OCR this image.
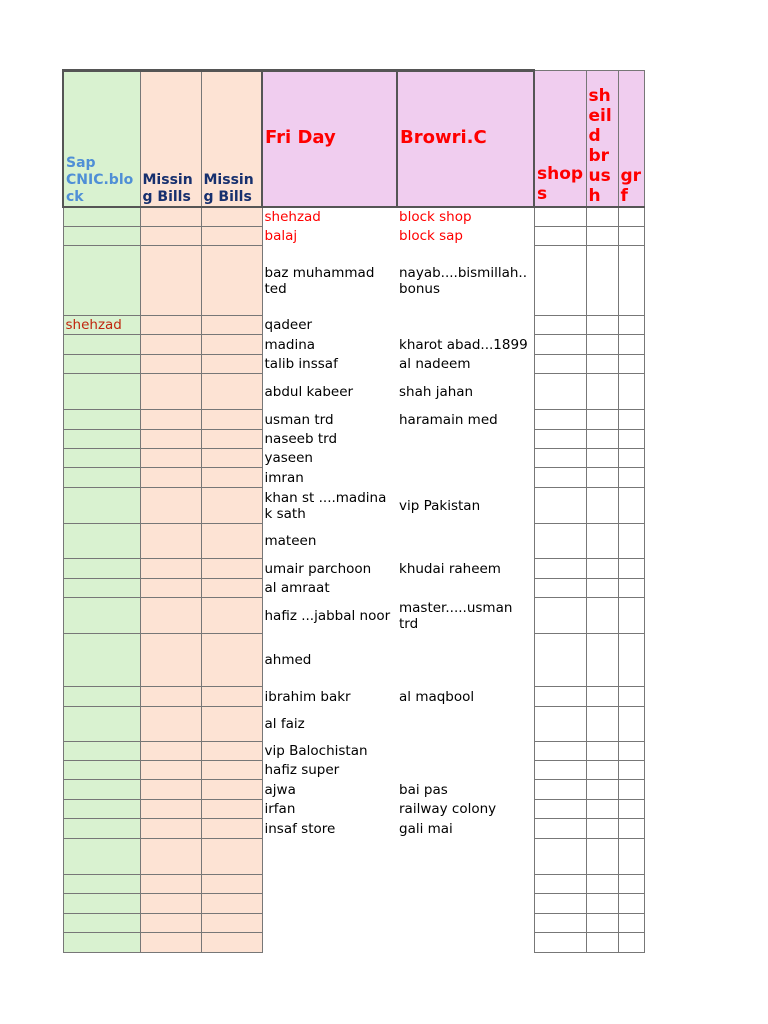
Sap CNIC.blo ck	Missin g Bills	Missin g Bills	Fri Day	Browri.C	shop s	sh eil d br us h	gr f
			shehzad	block shop			
			balaj	block sap			
			baz muhammad ted	nayab....bismillah.. bonus			
shehzad			qadeer				
			madina	kharot abad...1899			
			talib inssaf	al nadeem			
			abdul kabeer	shah jahan			
			usman trd	haramain med			
			naseeb trd				
			yaseen				
			imran				
			khan st ....madina k sath	vip Pakistan			
			mateen				
			umair parchoon	khudai raheem			
			al amraat				
			hafiz ...jabbal noor	master.....usman trd			
			ahmed				
			ibrahim bakr	al maqbool			
			al faiz				
			vip Balochistan				
			hafiz super				
			ajwa	bai pas			
			irfan	railway colony			
			insaf store	gali mai			
